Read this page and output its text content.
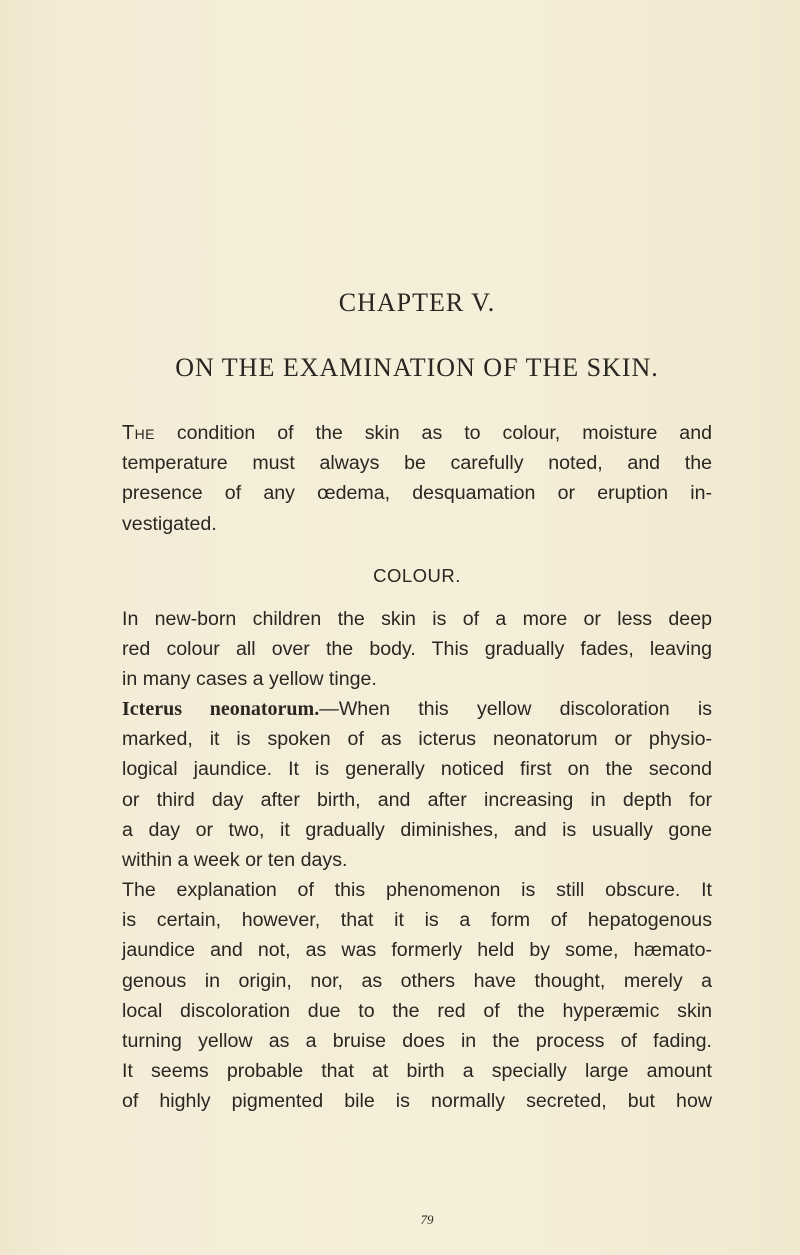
CHAPTER V.
ON THE EXAMINATION OF THE SKIN.
The condition of the skin as to colour, moisture and
temperature must always be carefully noted, and the
presence of any œdema, desquamation or eruption in-
vestigated.
COLOUR.
In new-born children the skin is of a more or less deep
red colour all over the body. This gradually fades, leaving
in many cases a yellow tinge.
Icterus neonatorum.—When this yellow discoloration is
marked, it is spoken of as icterus neonatorum or physio-
logical jaundice. It is generally noticed first on the second
or third day after birth, and after increasing in depth for
a day or two, it gradually diminishes, and is usually gone
within a week or ten days.
The explanation of this phenomenon is still obscure. It
is certain, however, that it is a form of hepatogenous
jaundice and not, as was formerly held by some, hæmato-
genous in origin, nor, as others have thought, merely a
local discoloration due to the red of the hyperæmic skin
turning yellow as a bruise does in the process of fading.
It seems probable that at birth a specially large amount
of highly pigmented bile is normally secreted, but how
79
